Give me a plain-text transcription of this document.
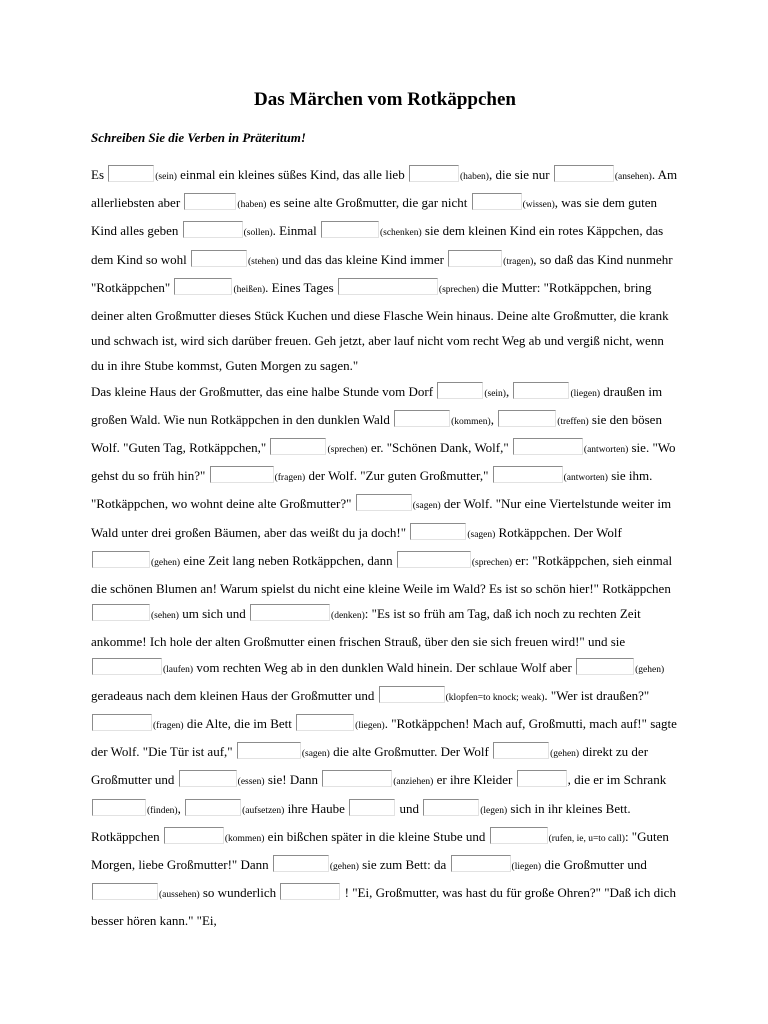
Das Märchen vom Rotkäppchen

Schreiben Sie die Verben in Präteritum!

Es	(sein) einmal ein kleines süßes Kind, das alle lieb	(haben), die sie nur	(ansehen). Am allerliebsten aber	(haben) es seine alte Großmutter, die gar nicht	(wissen), was sie dem guten Kind alles geben	(sollen). Einmal	(schenken) sie dem kleinen Kind ein rotes Käppchen, das dem Kind so wohl	(stehen) und das das kleine Kind immer	(tragen), so daß das Kind nunmehr "Rotkäppchen"	(heißen). Eines Tages	(sprechen) die Mutter: "Rotkäppchen, bring deiner alten Großmutter dieses Stück Kuchen und diese Flasche Wein hinaus. Deine alte Großmutter, die krank und schwach ist, wird sich darüber freuen. Geh jetzt, aber lauf nicht vom recht Weg ab und vergiß nicht, wenn du in ihre Stube kommst, Guten Morgen zu sagen."

Das kleine Haus der Großmutter, das eine halbe Stunde vom Dorf	(sein),	(liegen) draußen im großen Wald. Wie nun Rotkäppchen in den dunklen Wald	(kommen),	(treffen) sie den bösen Wolf. "Guten Tag, Rotkäppchen,"	(sprechen) er. "Schönen Dank, Wolf,"	(antworten) sie. "Wo gehst du so früh hin?"	(fragen) der Wolf. "Zur guten Großmutter,"	(antworten) sie ihm. "Rotkäppchen, wo wohnt deine alte Großmutter?"	(sagen) der Wolf. "Nur eine Viertelstunde weiter im Wald unter drei großen Bäumen, aber das weißt du ja doch!"	(sagen) Rotkäppchen. Der Wolf (gehen) eine Zeit lang neben Rotkäppchen, dann	(sprechen) er: "Rotkäppchen, sieh einmal die schönen Blumen an! Warum spielst du nicht eine kleine Weile im Wald? Es ist so schön hier!" Rotkäppchen (sehen) um sich und	(denken): "Es ist so früh am Tag, daß ich noch zu rechten Zeit ankomme! Ich hole der alten Großmutter einen frischen Strauß, über den sie sich freuen wird!" und sie (laufen) vom rechten Weg ab in den dunklen Wald hinein. Der schlaue Wolf aber	(gehen) geradeaus nach dem kleinen Haus der Großmutter und	(klopfen=to knock; weak). "Wer ist draußen?" (fragen) die Alte, die im Bett	(liegen). "Rotkäppchen! Mach auf, Großmutti, mach auf!" sagte der Wolf. "Die Tür ist auf,"	(sagen) die alte Großmutter. Der Wolf	(gehen) direkt zu der Großmutter und	(essen) sie! Dann	(anziehen) er ihre Kleider	, die er im Schrank (finden),	(aufsetzen) ihre Haube	und	(legen) sich in ihr kleines Bett.

Rotkäppchen	(kommen) ein bißchen später in die kleine Stube und	(rufen, ie, u=to call): "Guten Morgen, liebe Großmutter!" Dann	(gehen) sie zum Bett: da	(liegen) die Großmutter und (aussehen) so wunderlich	! "Ei, Großmutter, was hast du für große Ohren?" "Daß ich dich besser hören kann." "Ei,
